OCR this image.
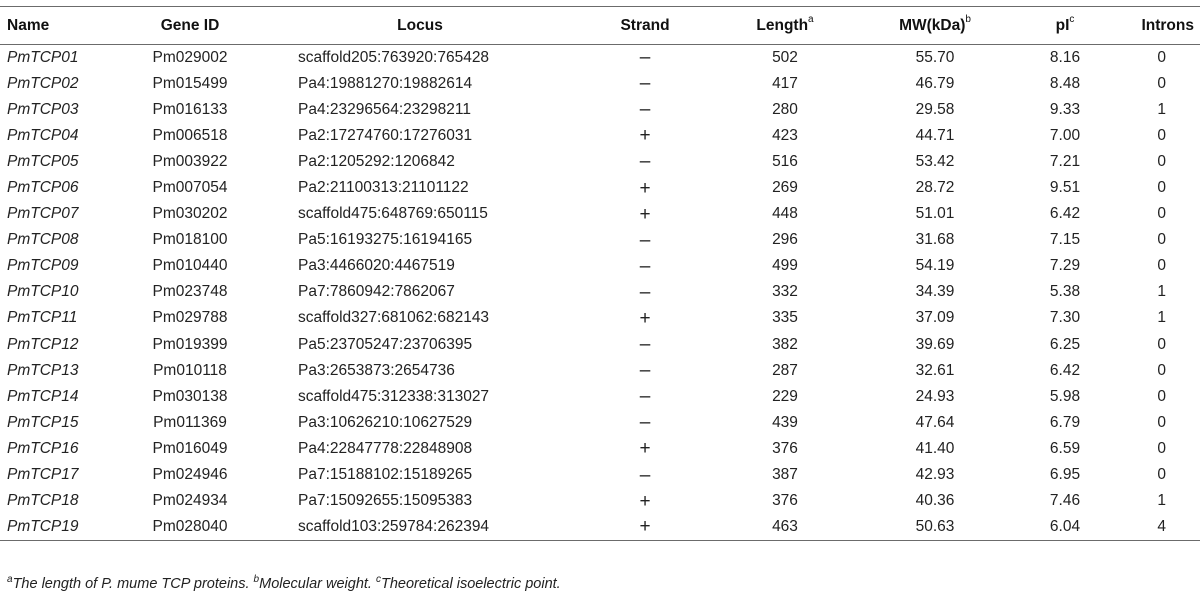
Name	Gene ID	Locus	Strand	Length$^a$	MW(kDa)$^b$	$pI^c$	Introns
PmTCP01	Pm029002	scaffold205:763920:765428	–	502	55.70	8.16	0
PmTCP02	Pm015499	Pa4:19881270:19882614	–	417	46.79	8.48	0
PmTCP03	Pm016133	Pa4:23296564:23298211	–	280	29.58	9.33	1
PmTCP04	Pm006518	Pa2:17274760:17276031	+	423	44.71	7.00	0
PmTCP05	Pm003922	Pa2:1205292:1206842	–	516	53.42	7.21	0
PmTCP06	Pm007054	Pa2:21100313:21101122	+	269	28.72	9.51	0
PmTCP07	Pm030202	scaffold475:648769:650115	+	448	51.01	6.42	0
PmTCP08	Pm018100	Pa5:16193275:16194165	–	296	31.68	7.15	0
PmTCP09	Pm010440	Pa3:4466020:4467519	–	499	54.19	7.29	0
PmTCP10	Pm023748	Pa7:7860942:7862067	–	332	34.39	5.38	1
PmTCP11	Pm029788	scaffold327:681062:682143	+	335	37.09	7.30	1
PmTCP12	Pm019399	Pa5:23705247:23706395	–	382	39.69	6.25	0
PmTCP13	Pm010118	Pa3:2653873:2654736	–	287	32.61	6.42	0
PmTCP14	Pm030138	scaffold475:312338:313027	–	229	24.93	5.98	0
PmTCP15	Pm011369	Pa3:10626210:10627529	–	439	47.64	6.79	0
PmTCP16	Pm016049	Pa4:22847778:22848908	+	376	41.40	6.59	0
PmTCP17	Pm024946	Pa7:15188102:15189265	–	387	42.93	6.95	0
PmTCP18	Pm024934	Pa7:15092655:15095383	+	376	40.36	7.46	1
PmTCP19	Pm028040	scaffold103:259784:262394	+	463	50.63	6.04	4
$^a$The length of P. mume TCP proteins. $^b$Molecular weight. $^c$Theoretical isoelectric point.
